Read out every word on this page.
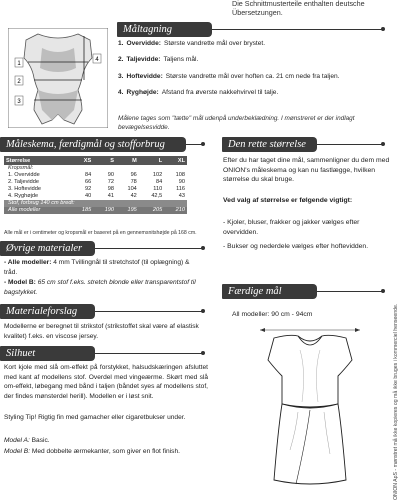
Die Schnittmusterteile enthalten deutsche Übersetzungen.
Måltagning
1
2
3
4
1. Overvidde: Største vandrette mål over brystet.
2. Taljevidde: Taljens mål.
3. Hoftevidde: Største vandrette mål over hoften ca. 21 cm nede fra taljen.
4. Ryghøjde: Afstand fra øverste nakkehvirvel til talje.
Målene tages som "tætte" mål udenpå underbeklædning. I mønstreret er der indlagt bevægelsesvidde.
Måleskema, færdigmål og stofforbrug
Størrelse	XS	S	M	L	XL
Kropsmål:					
1. Overvidde	84	90	96	102	108
2. Taljevidde	66	72	78	84	90
3. Hoftevidde	92	98	104	110	116
4. Ryghøjde	40	41	42	42,5	43
Stof, forbrug 140 cm bredt:					
Alle modeller	185	190	195	205	210
Alle mål er i centimeter og kropsmål er baseret på en gennemsnitshøjde på 168 cm.
Den rette størrelse
Efter du har taget dine mål, sammenligner du dem med ONION's måleskema og kan nu fastlægge, hvilken størrelse du skal bruge.
Ved valg af størrelse er følgende vigtigt:
- Kjoler, bluser, frakker og jakker vælges efter overvidden.
- Bukser og nederdele vælges efter hoftevidden.
Øvrige materialer
- Alle modeller: 4 mm Tvillingnål til stretchstof (til oplægning) & tråd.
- Model B: 65 cm stof f.eks. stretch blonde eller transparentstof til bagstykket.
Materialeforslag
Modellerne er beregnet til strikstof (strikstoffet skal være af elastisk kvalitet) f.eks. en viscose jersey.
Silhuet
Kort kjole med slå om-effekt på forstykket, halsudskæringen afsluttet med kant af modellens stof. Overdel med vingeærme. Skørt med slå om-effekt, løbegang med bånd i taljen (båndet syes af modellens stof, der findes mønsterdel herill). Modellen er i løst snit.
Styling Tip! Rigtig fin med gamacher eller cigaretbukser under.
Model A: Basic.
Model B: Med dobbelte ærmekanter, som giver en flot finish.
Færdige mål
All modeller: 90 cm - 94cm	ONION ApS - mønstret må ikke kopieres og må ikke bruges i kommerciel henseende.
